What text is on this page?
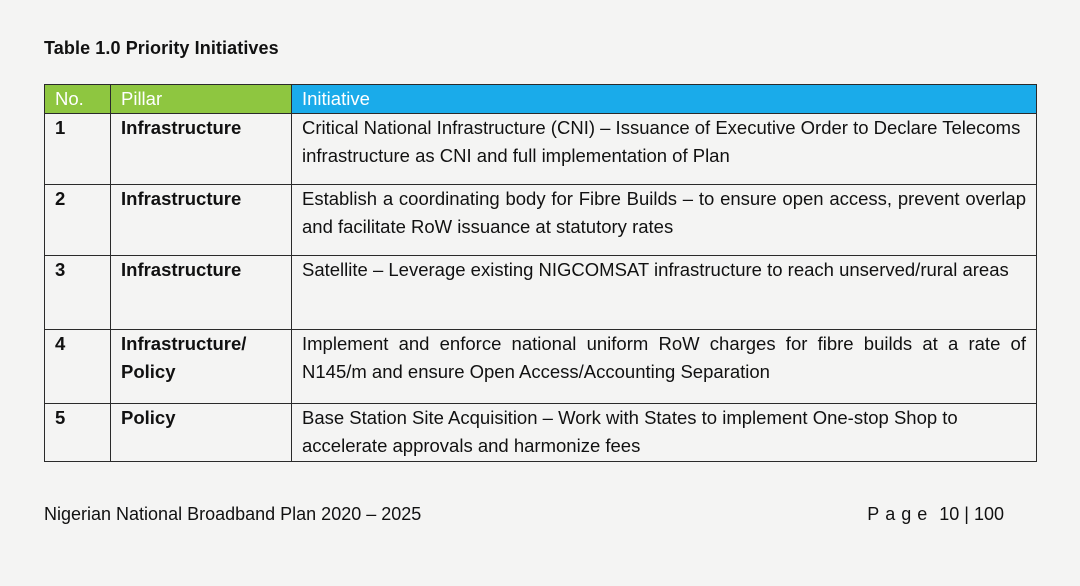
Table 1.0 Priority Initiatives
No.	Pillar	Initiative
1	Infrastructure	Critical National Infrastructure (CNI) – Issuance of Executive Order to Declare Telecoms infrastructure as CNI and full implementation of Plan
2	Infrastructure	Establish a coordinating body for Fibre Builds – to ensure open access, prevent overlap and facilitate RoW issuance at statutory rates
3	Infrastructure	Satellite – Leverage existing NIGCOMSAT infrastructure to reach unserved/rural areas
4	Infrastructure/ Policy	Implement and enforce national uniform RoW charges for fibre builds at a rate of N145/m and ensure Open Access/Accounting Separation
5	Policy	Base Station Site Acquisition – Work with States to implement One-stop Shop to accelerate approvals and harmonize fees
Nigerian National Broadband Plan 2020 – 2025	Page 10 | 100
